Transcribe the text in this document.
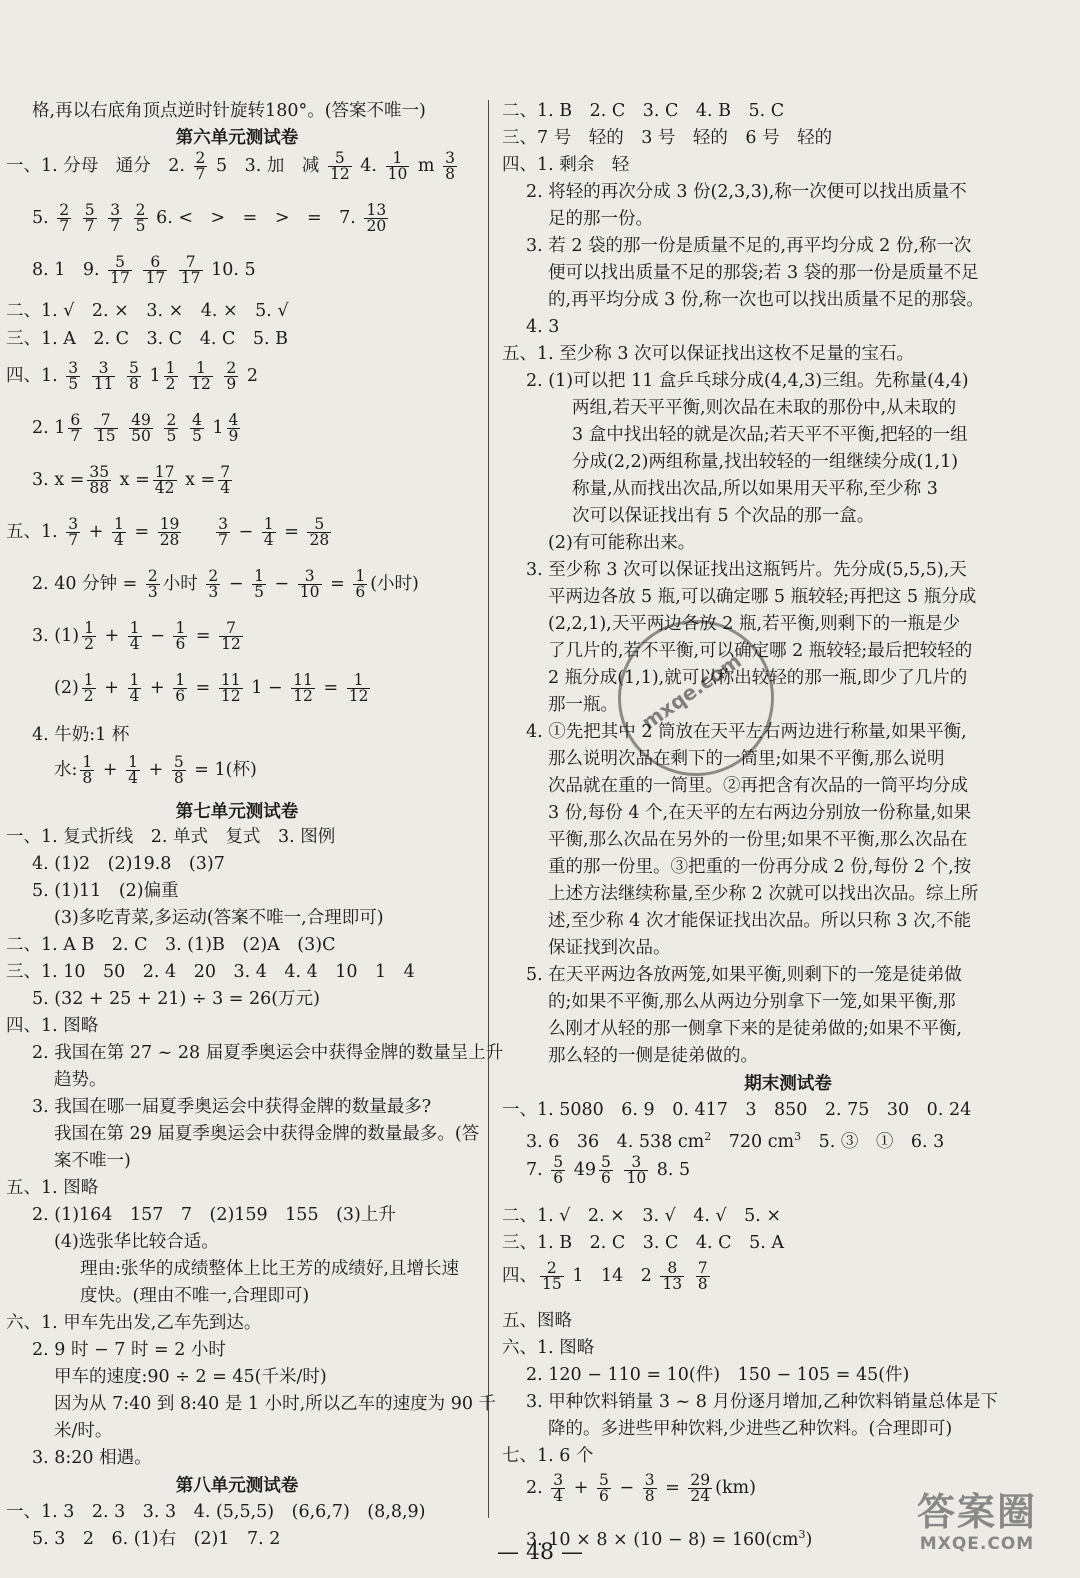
格,再以右底角顶点逆时针旋转180°。(答案不唯一)
第六单元测试卷
一、1. 分母　通分　2. $\frac{2}{7} 5$　3. 加　减 $\frac{5}{12} 4$. $\frac{1}{10}$ m $\frac{3}{8}$
5. $\frac{2}{7}$
$\frac{5}{7}$
$\frac{3}{7}$
$\frac{2}{5} 6$. <　>　=　>　=　7. $\frac{13}{20}$
8. 1　9. $\frac{5}{17}$
$\frac{6}{17}$
$\frac{7}{17} 10$. 5
二、1. √　2. ×　3. ×　4. ×　5. √
三、1. A　2. C　3. C　4. C　5. B
四、1. $\frac{3}{5}$
$\frac{3}{11}$
$\frac{5}{8} 1 \frac{1}{2}$
$\frac{1}{12}$
$\frac{2}{9} 2$
2. $1 \frac{6}{7}$
$\frac{7}{15}$
$\frac{49}{50}$
$\frac{2}{5}$
$\frac{4}{5} 1 \frac{4}{9}$
3. $x = \frac{35}{88}$ $x = \frac{17}{42}$ $x = \frac{7}{4}$
五、1. $\frac{3}{7} + \frac{1}{4} = \frac{19}{28}$
　 $\frac{3}{7} - \frac{1}{4} = \frac{5}{28}$
2. 40 分钟 = $\frac{2}{3}$ 小时 $\frac{2}{3} - \frac{1}{5} - \frac{3}{10} = \frac{1}{6}$ (小时)
3. $(1) \frac{1}{2} + \frac{1}{4} - \frac{1}{6} = \frac{7}{12}$
$(2) \frac{1}{2} + \frac{1}{4} + \frac{1}{6} = \frac{11}{12} 1 - \frac{11}{12} = \frac{1}{12}$
4. 牛奶:1 杯
水: $\frac{1}{8} + \frac{1}{4} + \frac{5}{8} = 1$(杯)
第七单元测试卷
一、1. 复式折线　2. 单式　复式　3. 图例
4. (1)2　(2)19.8　(3)7
5. (1)11　(2)偏重
(3)多吃青菜,多运动(答案不唯一,合理即可)
二、1. A B　2. C　3. (1)B　(2)A　(3)C
三、1. 10　50　2. 4　20　3. 4　4. 4　10　1　4
5. (32 + 25 + 21) ÷ 3 = 26(万元)
四、1. 图略
2. 我国在第 27 ~ 28 届夏季奥运会中获得金牌的数量呈上升
趋势。
3. 我国在哪一届夏季奥运会中获得金牌的数量最多?
我国在第 29 届夏季奥运会中获得金牌的数量最多。(答
案不唯一)
五、1. 图略
2. (1)164　157　7　(2)159　155　(3)上升
(4)选张华比较合适。
理由:张华的成绩整体上比王芳的成绩好,且增长速
度快。(理由不唯一,合理即可)
六、1. 甲车先出发,乙车先到达。
2. 9 时 − 7 时 = 2 小时
甲车的速度:90 ÷ 2 = 45(千米/时)
因为从 7:40 到 8:40 是 1 小时,所以乙车的速度为 90 千
米/时。
3. 8:20 相遇。
第八单元测试卷
一、1. 3　2. 3　3. 3　4. (5,5,5)　(6,6,7)　(8,8,9)
5. 3　2　6. (1)右　(2)1　7. 2
二、1. B　2. C　3. C　4. B　5. C
三、7 号　轻的　3 号　轻的　6 号　轻的
四、1. 剩余　轻
2. 将轻的再次分成 3 份(2,3,3),称一次便可以找出质量不
足的那一份。
3. 若 2 袋的那一份是质量不足的,再平均分成 2 份,称一次
便可以找出质量不足的那袋;若 3 袋的那一份是质量不足
的,再平均分成 3 份,称一次也可以找出质量不足的那袋。
4. 3
五、1. 至少称 3 次可以保证找出这枚不足量的宝石。
2. (1)可以把 11 盒乒乓球分成(4,4,3)三组。先称量(4,4)
两组,若天平平衡,则次品在未取的那份中,从未取的
3 盒中找出轻的就是次品;若天平不平衡,把轻的一组
分成(2,2)两组称量,找出较轻的一组继续分成(1,1)
称量,从而找出次品,所以如果用天平称,至少称 3
次可以保证找出有 5 个次品的那一盒。
(2)有可能称出来。
3. 至少称 3 次可以保证找出这瓶钙片。先分成(5,5,5),天
平两边各放 5 瓶,可以确定哪 5 瓶较轻;再把这 5 瓶分成
(2,2,1),天平两边各放 2 瓶,若平衡,则剩下的一瓶是少
了几片的,若不平衡,可以确定哪 2 瓶较轻;最后把较轻的
2 瓶分成(1,1),就可以称出较轻的那一瓶,即少了几片的
那一瓶。
4. ①先把其中 2 筒放在天平左右两边进行称量,如果平衡,
那么说明次品在剩下的一筒里;如果不平衡,那么说明
次品就在重的一筒里。②再把含有次品的一筒平均分成
3 份,每份 4 个,在天平的左右两边分别放一份称量,如果
平衡,那么次品在另外的一份里;如果不平衡,那么次品在
重的那一份里。③把重的一份再分成 2 份,每份 2 个,按
上述方法继续称量,至少称 2 次就可以找出次品。综上所
述,至少称 4 次才能保证找出次品。所以只称 3 次,不能
保证找到次品。
5. 在天平两边各放两笼,如果平衡,则剩下的一笼是徒弟做
的;如果不平衡,那么从两边分别拿下一笼,如果平衡,那
么刚才从轻的那一侧拿下来的是徒弟做的;如果不平衡,
那么轻的一侧是徒弟做的。
期末测试卷
一、1. 5080　6. 9　0. 417　3　850　2. 75　30　0. 24
3. 6　36　4. 538 $cm^2$　720 $cm^3$　5. ③　①　6. 3
7. $\frac{5}{6} 49 \frac{5}{6}$
$\frac{3}{10} 8$. 5
二、1. √　2. ×　3. √　4. √　5. ×
三、1. B　2. C　3. C　4. C　5. A
四、 $\frac{2}{15} 1$　14　$2 \frac{8}{13}$
$\frac{7}{8}$
五、图略
六、1. 图略
2. 120 − 110 = 10(件)　150 − 105 = 45(件)
3. 甲种饮料销量 3 ~ 8 月份逐月增加,乙种饮料销量总体是下
降的。多进些甲种饮料,少进些乙种饮料。(合理即可)
七、1. 6 个
2. $\frac{3}{4} + \frac{5}{6} - \frac{3}{8} = \frac{29}{24} (km)$
3. $10 \times 8 \times (10 - 8) = 160(cm^3)$
mxqe.com
答案圈
MXQE.COM
— 48 —
